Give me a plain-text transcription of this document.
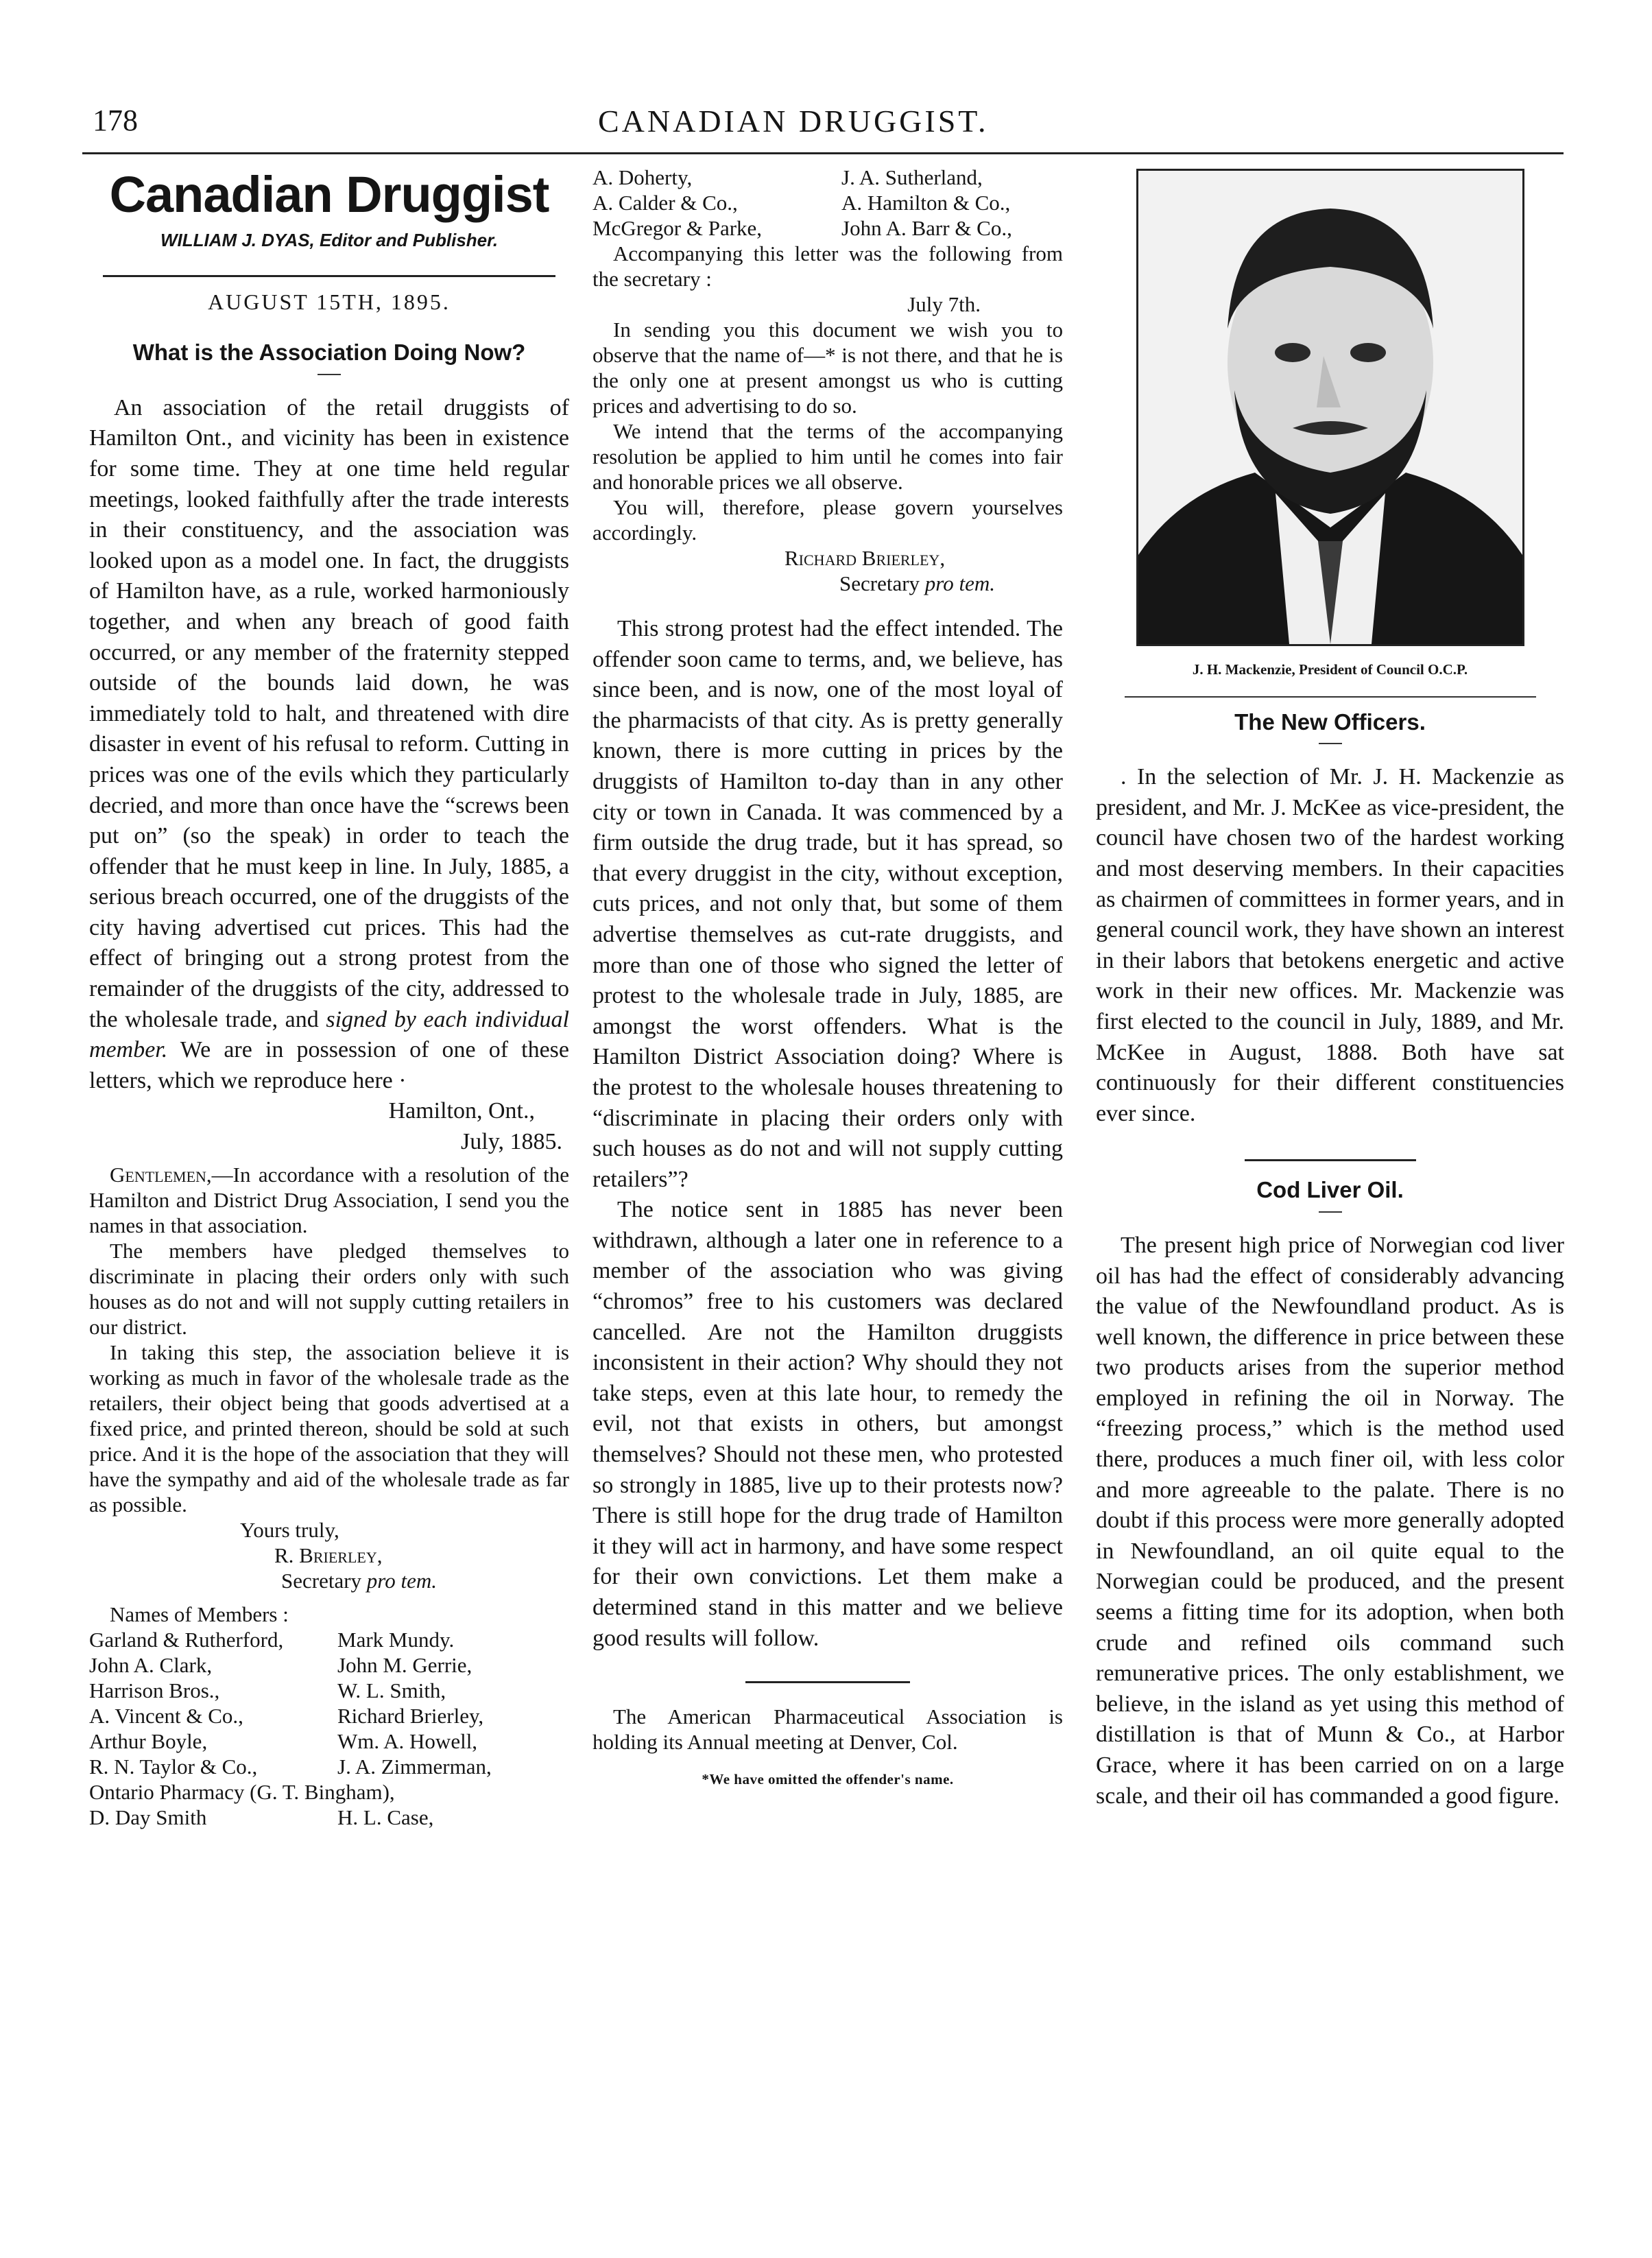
178	CANADIAN DRUGGIST.
Canadian Druggist
WILLIAM J. DYAS, Editor and Publisher.
AUGUST 15TH, 1895.
What is the Association Doing Now?

An association of the retail druggists of Hamilton Ont., and vicinity has been in existence for some time. They at one time held regular meetings, looked faithfully after the trade interests in their constituency, and the association was looked upon as a model one. In fact, the druggists of Hamilton have, as a rule, worked harmoniously together, and when any breach of good faith occurred, or any member of the fraternity stepped outside of the bounds laid down, he was immediately told to halt, and threatened with dire disaster in event of his refusal to reform. Cutting in prices was one of the evils which they particularly decried, and more than once have the “screws been put on” (so the speak) in order to teach the offender that he must keep in line. In July, 1885, a serious breach occurred, one of the druggists of the city having advertised cut prices. This had the effect of bringing out a strong protest from the remainder of the druggists of the city, addressed to the wholesale trade, and signed by each individual member. We are in possession of one of these letters, which we reproduce here ·

Hamilton, Ont.,
July, 1885.

Gentlemen,—In accordance with a resolution of the Hamilton and District Drug Association, I send you the names in that association.

The members have pledged themselves to discriminate in placing their orders only with such houses as do not and will not supply cutting retailers in our district.

In taking this step, the association believe it is working as much in favor of the wholesale trade as the retailers, their object being that goods advertised at a fixed price, and printed thereon, should be sold at such price. And it is the hope of the association that they will have the sympathy and aid of the wholesale trade as far as possible.

Yours truly,

R. Brierley,

Secretary pro tem.

Names of Members :

Garland & Rutherford,	Mark Mundy.
John A. Clark,	John M. Gerrie,
Harrison Bros.,	W. L. Smith,
A. Vincent & Co.,	Richard Brierley,
Arthur Boyle,	Wm. A. Howell,
R. N. Taylor & Co.,	J. A. Zimmerman,
Ontario Pharmacy (G. T. Bingham),
D. Day Smith	H. L. Case,
A. Doherty,	J. A. Sutherland,
A. Calder & Co.,	A. Hamilton & Co.,
McGregor & Parke,	John A. Barr & Co.,

Accompanying this letter was the following from the secretary :

July 7th.

In sending you this document we wish you to observe that the name of—* is not there, and that he is the only one at present amongst us who is cutting prices and advertising to do so.

We intend that the terms of the accompanying resolution be applied to him until he comes into fair and honorable prices we all observe.

You will, therefore, please govern yourselves accordingly.

Richard Brierley,

Secretary pro tem.

This strong protest had the effect intended. The offender soon came to terms, and, we believe, has since been, and is now, one of the most loyal of the pharmacists of that city. As is pretty generally known, there is more cutting in prices by the druggists of Hamilton to-day than in any other city or town in Canada. It was commenced by a firm outside the drug trade, but it has spread, so that every druggist in the city, without exception, cuts prices, and not only that, but some of them advertise themselves as cut-rate druggists, and more than one of those who signed the letter of protest to the wholesale trade in July, 1885, are amongst the worst offenders. What is the Hamilton District Association doing? Where is the protest to the wholesale houses threatening to “discriminate in placing their orders only with such houses as do not and will not supply cutting retailers”?

The notice sent in 1885 has never been withdrawn, although a later one in reference to a member of the association who was giving “chromos” free to his customers was declared cancelled. Are not the Hamilton druggists inconsistent in their action? Why should they not take steps, even at this late hour, to remedy the evil, not that exists in others, but amongst themselves? Should not these men, who protested so strongly in 1885, live up to their protests now? There is still hope for the drug trade of Hamilton it they will act in harmony, and have some respect for their own convictions. Let them make a determined stand in this matter and we believe good results will follow.

The American Pharmaceutical Association is holding its Annual meeting at Denver, Col.

*We have omitted the offender's name.
J. H. Mackenzie, President of Council O.C.P.
The New Officers.

. In the selection of Mr. J. H. Mackenzie as president, and Mr. J. McKee as vice-president, the council have chosen two of the hardest working and most deserving members. In their capacities as chairmen of committees in former years, and in general council work, they have shown an interest in their labors that betokens energetic and active work in their new offices. Mr. Mackenzie was first elected to the council in July, 1889, and Mr. McKee in August, 1888. Both have sat continuously for their different constituencies ever since.

Cod Liver Oil.

The present high price of Norwegian cod liver oil has had the effect of considerably advancing the value of the Newfoundland product. As is well known, the difference in price between these two products arises from the superior method employed in refining the oil in Norway. The “freezing process,” which is the method used there, produces a much finer oil, with less color and more agreeable to the palate. There is no doubt if this process were more generally adopted in Newfoundland, an oil quite equal to the Norwegian could be produced, and the present seems a fitting time for its adoption, when both crude and refined oils command such remunerative prices. The only establishment, we believe, in the island as yet using this method of distillation is that of Munn & Co., at Harbor Grace, where it has been carried on on a large scale, and their oil has commanded a good figure.
